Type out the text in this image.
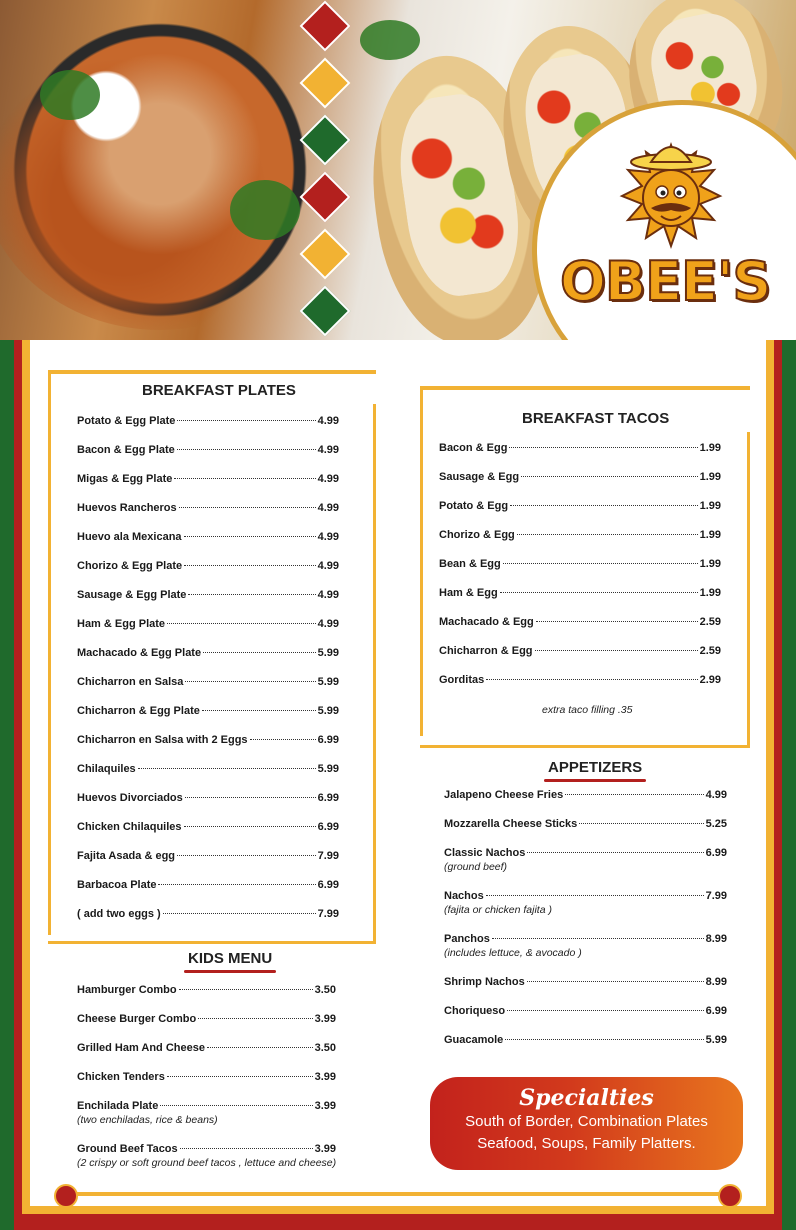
OBEE'S
BREAKFAST PLATES
Potato & Egg Plate	4.99
Bacon & Egg Plate	4.99
Migas & Egg Plate	4.99
Huevos Rancheros	4.99
Huevo ala Mexicana	4.99
Chorizo & Egg Plate	4.99
Sausage & Egg Plate	4.99
Ham & Egg Plate	4.99
Machacado & Egg Plate	5.99
Chicharron en Salsa	5.99
Chicharron & Egg Plate	5.99
Chicharron en Salsa with 2 Eggs	6.99
Chilaquiles	5.99
Huevos Divorciados	6.99
Chicken Chilaquiles	6.99
Fajita Asada & egg	7.99
Barbacoa Plate	6.99
( add two eggs )	7.99
KIDS MENU
Hamburger Combo	3.50
Cheese Burger Combo	3.99
Grilled Ham And Cheese	3.50
Chicken Tenders	3.99
Enchilada Plate	3.99
(two enchiladas, rice & beans)
Ground Beef Tacos	3.99
(2 crispy or soft ground beef tacos , lettuce and cheese)
BREAKFAST TACOS
Bacon & Egg	1.99
Sausage & Egg	1.99
Potato & Egg	1.99
Chorizo & Egg	1.99
Bean & Egg	1.99
Ham & Egg	1.99
Machacado & Egg	2.59
Chicharron & Egg	2.59
Gorditas	2.99
extra taco filling .35
APPETIZERS
Jalapeno Cheese Fries	4.99
Mozzarella Cheese Sticks	5.25
Classic Nachos	6.99
(ground beef)
Nachos	7.99
(fajita or chicken fajita )
Panchos	8.99
(includes lettuce, & avocado )
Shrimp Nachos	8.99
Choriqueso	6.99
Guacamole	5.99
Specialties
South of Border, Combination Plates
Seafood, Soups, Family Platters.
